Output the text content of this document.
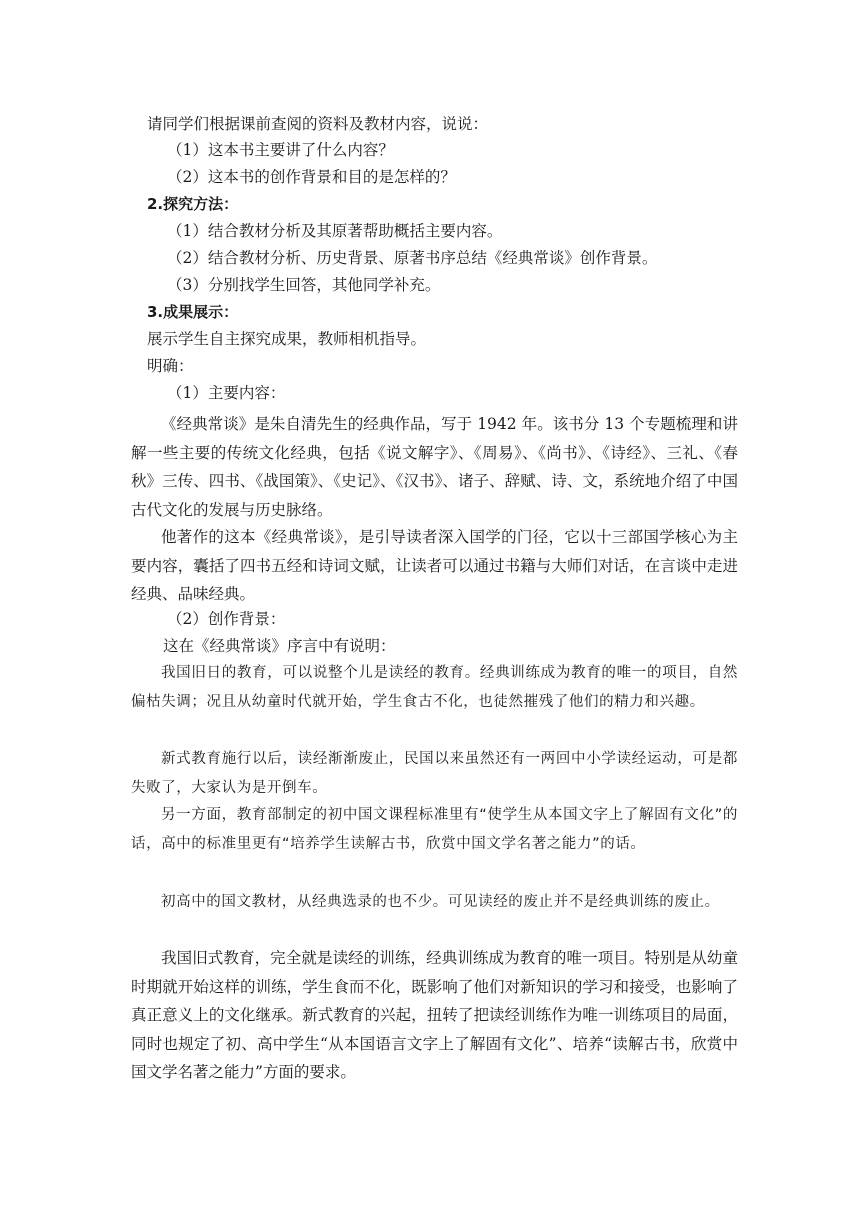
请同学们根据课前查阅的资料及教材内容，说说：
（1）这本书主要讲了什么内容？
（2）这本书的创作背景和目的是怎样的？
2.探究方法：
（1）结合教材分析及其原著帮助概括主要内容。
（2）结合教材分析、历史背景、原著书序总结《经典常谈》创作背景。
（3）分别找学生回答，其他同学补充。
3.成果展示：
展示学生自主探究成果，教师相机指导。
明确：
（1）主要内容：
《经典常谈》是朱自清先生的经典作品，写于 1942 年。该书分 13 个专题梳理和讲解一些主要的传统文化经典，包括《说文解字》、《周易》、《尚书》、《诗经》、三礼、《春秋》三传、四书、《战国策》、《史记》、《汉书》、诸子、辞赋、诗、文，系统地介绍了中国古代文化的发展与历史脉络。
他著作的这本《经典常谈》，是引导读者深入国学的门径，它以十三部国学核心为主要内容，囊括了四书五经和诗词文赋，让读者可以通过书籍与大师们对话，在言谈中走进经典、品味经典。
（2）创作背景：
这在《经典常谈》序言中有说明：
我国旧日的教育，可以说整个儿是读经的教育。经典训练成为教育的唯一的项目，自然偏枯失调；况且从幼童时代就开始，学生食古不化，也徒然摧残了他们的精力和兴趣。
新式教育施行以后，读经渐渐废止，民国以来虽然还有一两回中小学读经运动，可是都失败了，大家认为是开倒车。
另一方面，教育部制定的初中国文课程标准里有“使学生从本国文字上了解固有文化”的话，高中的标准里更有“培养学生读解古书，欣赏中国文学名著之能力”的话。
初高中的国文教材，从经典选录的也不少。可见读经的废止并不是经典训练的废止。
我国旧式教育，完全就是读经的训练，经典训练成为教育的唯一项目。特别是从幼童时期就开始这样的训练，学生食而不化，既影响了他们对新知识的学习和接受，也影响了真正意义上的文化继承。新式教育的兴起，扭转了把读经训练作为唯一训练项目的局面，同时也规定了初、高中学生“从本国语言文字上了解固有文化”、培养“读解古书，欣赏中国文学名著之能力”方面的要求。
